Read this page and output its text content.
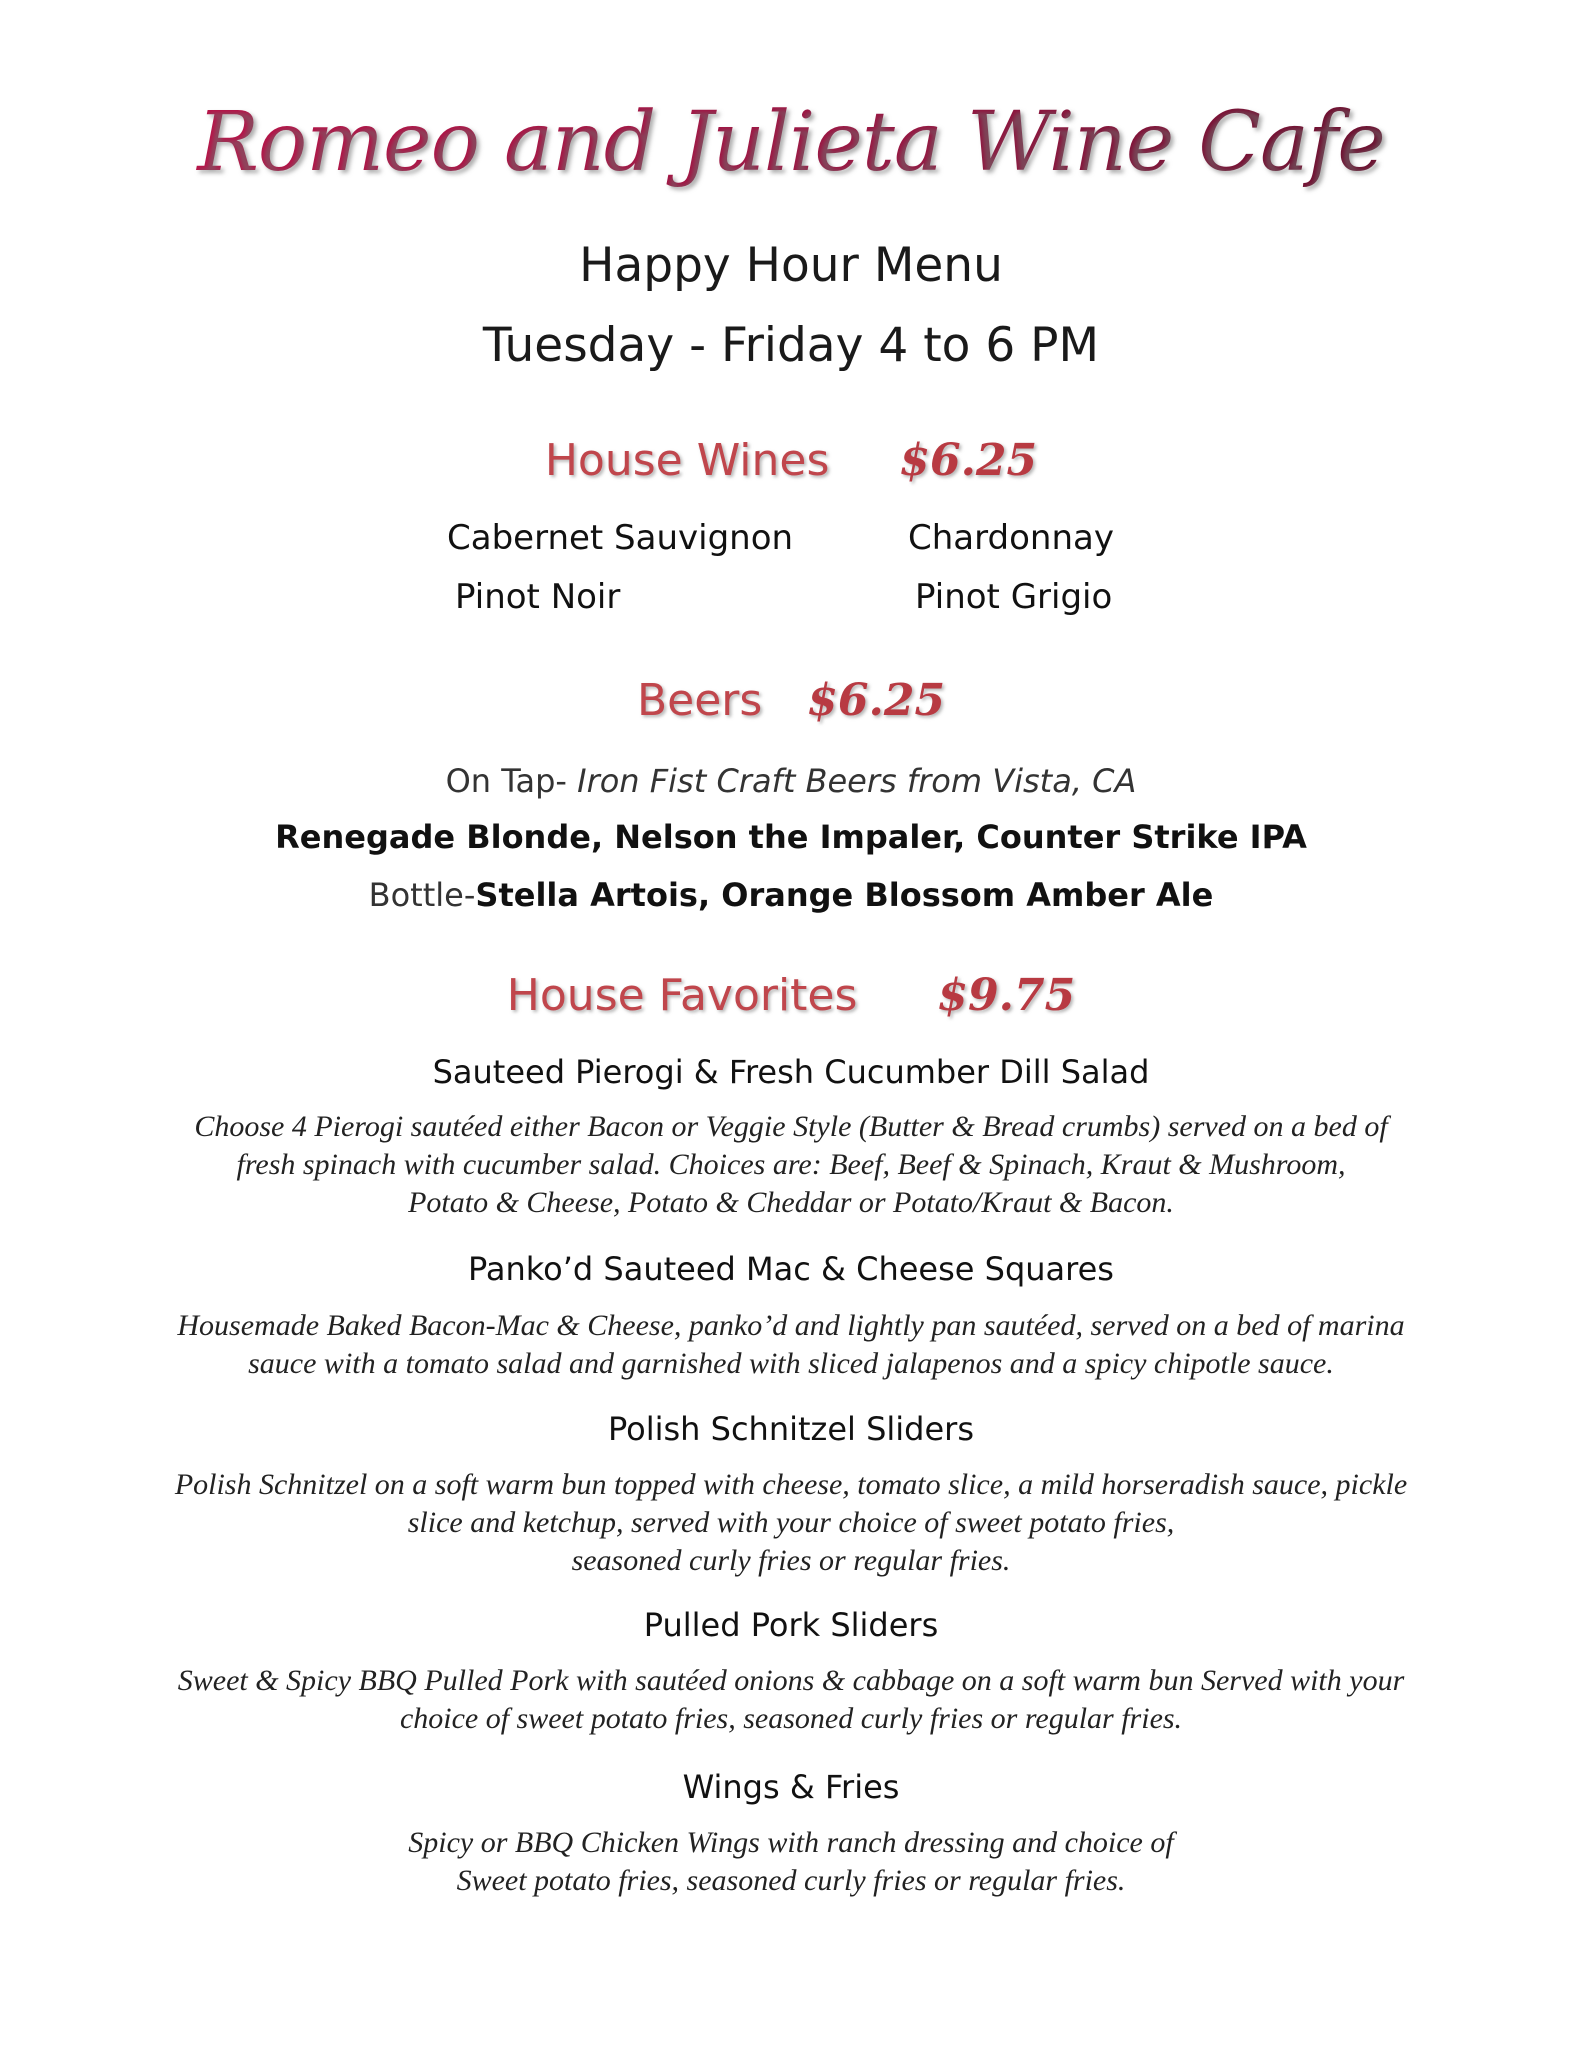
Romeo and Julieta Wine Cafe
Happy Hour Menu
Tuesday - Friday 4 to 6 PM
House Wines $6.25
Cabernet Sauvignon	Chardonnay
Pinot Noir	Pinot Grigio
Beers $6.25
On Tap- Iron Fist Craft Beers from Vista, CA
Renegade Blonde, Nelson the Impaler, Counter Strike IPA
Bottle-Stella Artois, Orange Blossom Amber Ale
House Favorites $9.75
Sauteed Pierogi & Fresh Cucumber Dill Salad
Choose 4 Pierogi sautéed either Bacon or Veggie Style (Butter & Bread crumbs) served on a bed of
fresh spinach with cucumber salad. Choices are: Beef, Beef & Spinach, Kraut & Mushroom,
Potato & Cheese, Potato & Cheddar or Potato/Kraut & Bacon.
Panko’d Sauteed Mac & Cheese Squares
Housemade Baked Bacon-Mac & Cheese, panko’d and lightly pan sautéed, served on a bed of marina
sauce with a tomato salad and garnished with sliced jalapenos and a spicy chipotle sauce.
Polish Schnitzel Sliders
Polish Schnitzel on a soft warm bun topped with cheese, tomato slice, a mild horseradish sauce, pickle
slice and ketchup, served with your choice of sweet potato fries,
seasoned curly fries or regular fries.
Pulled Pork Sliders
Sweet & Spicy BBQ Pulled Pork with sautéed onions & cabbage on a soft warm bun Served with your
choice of sweet potato fries, seasoned curly fries or regular fries.
Wings & Fries
Spicy or BBQ Chicken Wings with ranch dressing and choice of
Sweet potato fries, seasoned curly fries or regular fries.
